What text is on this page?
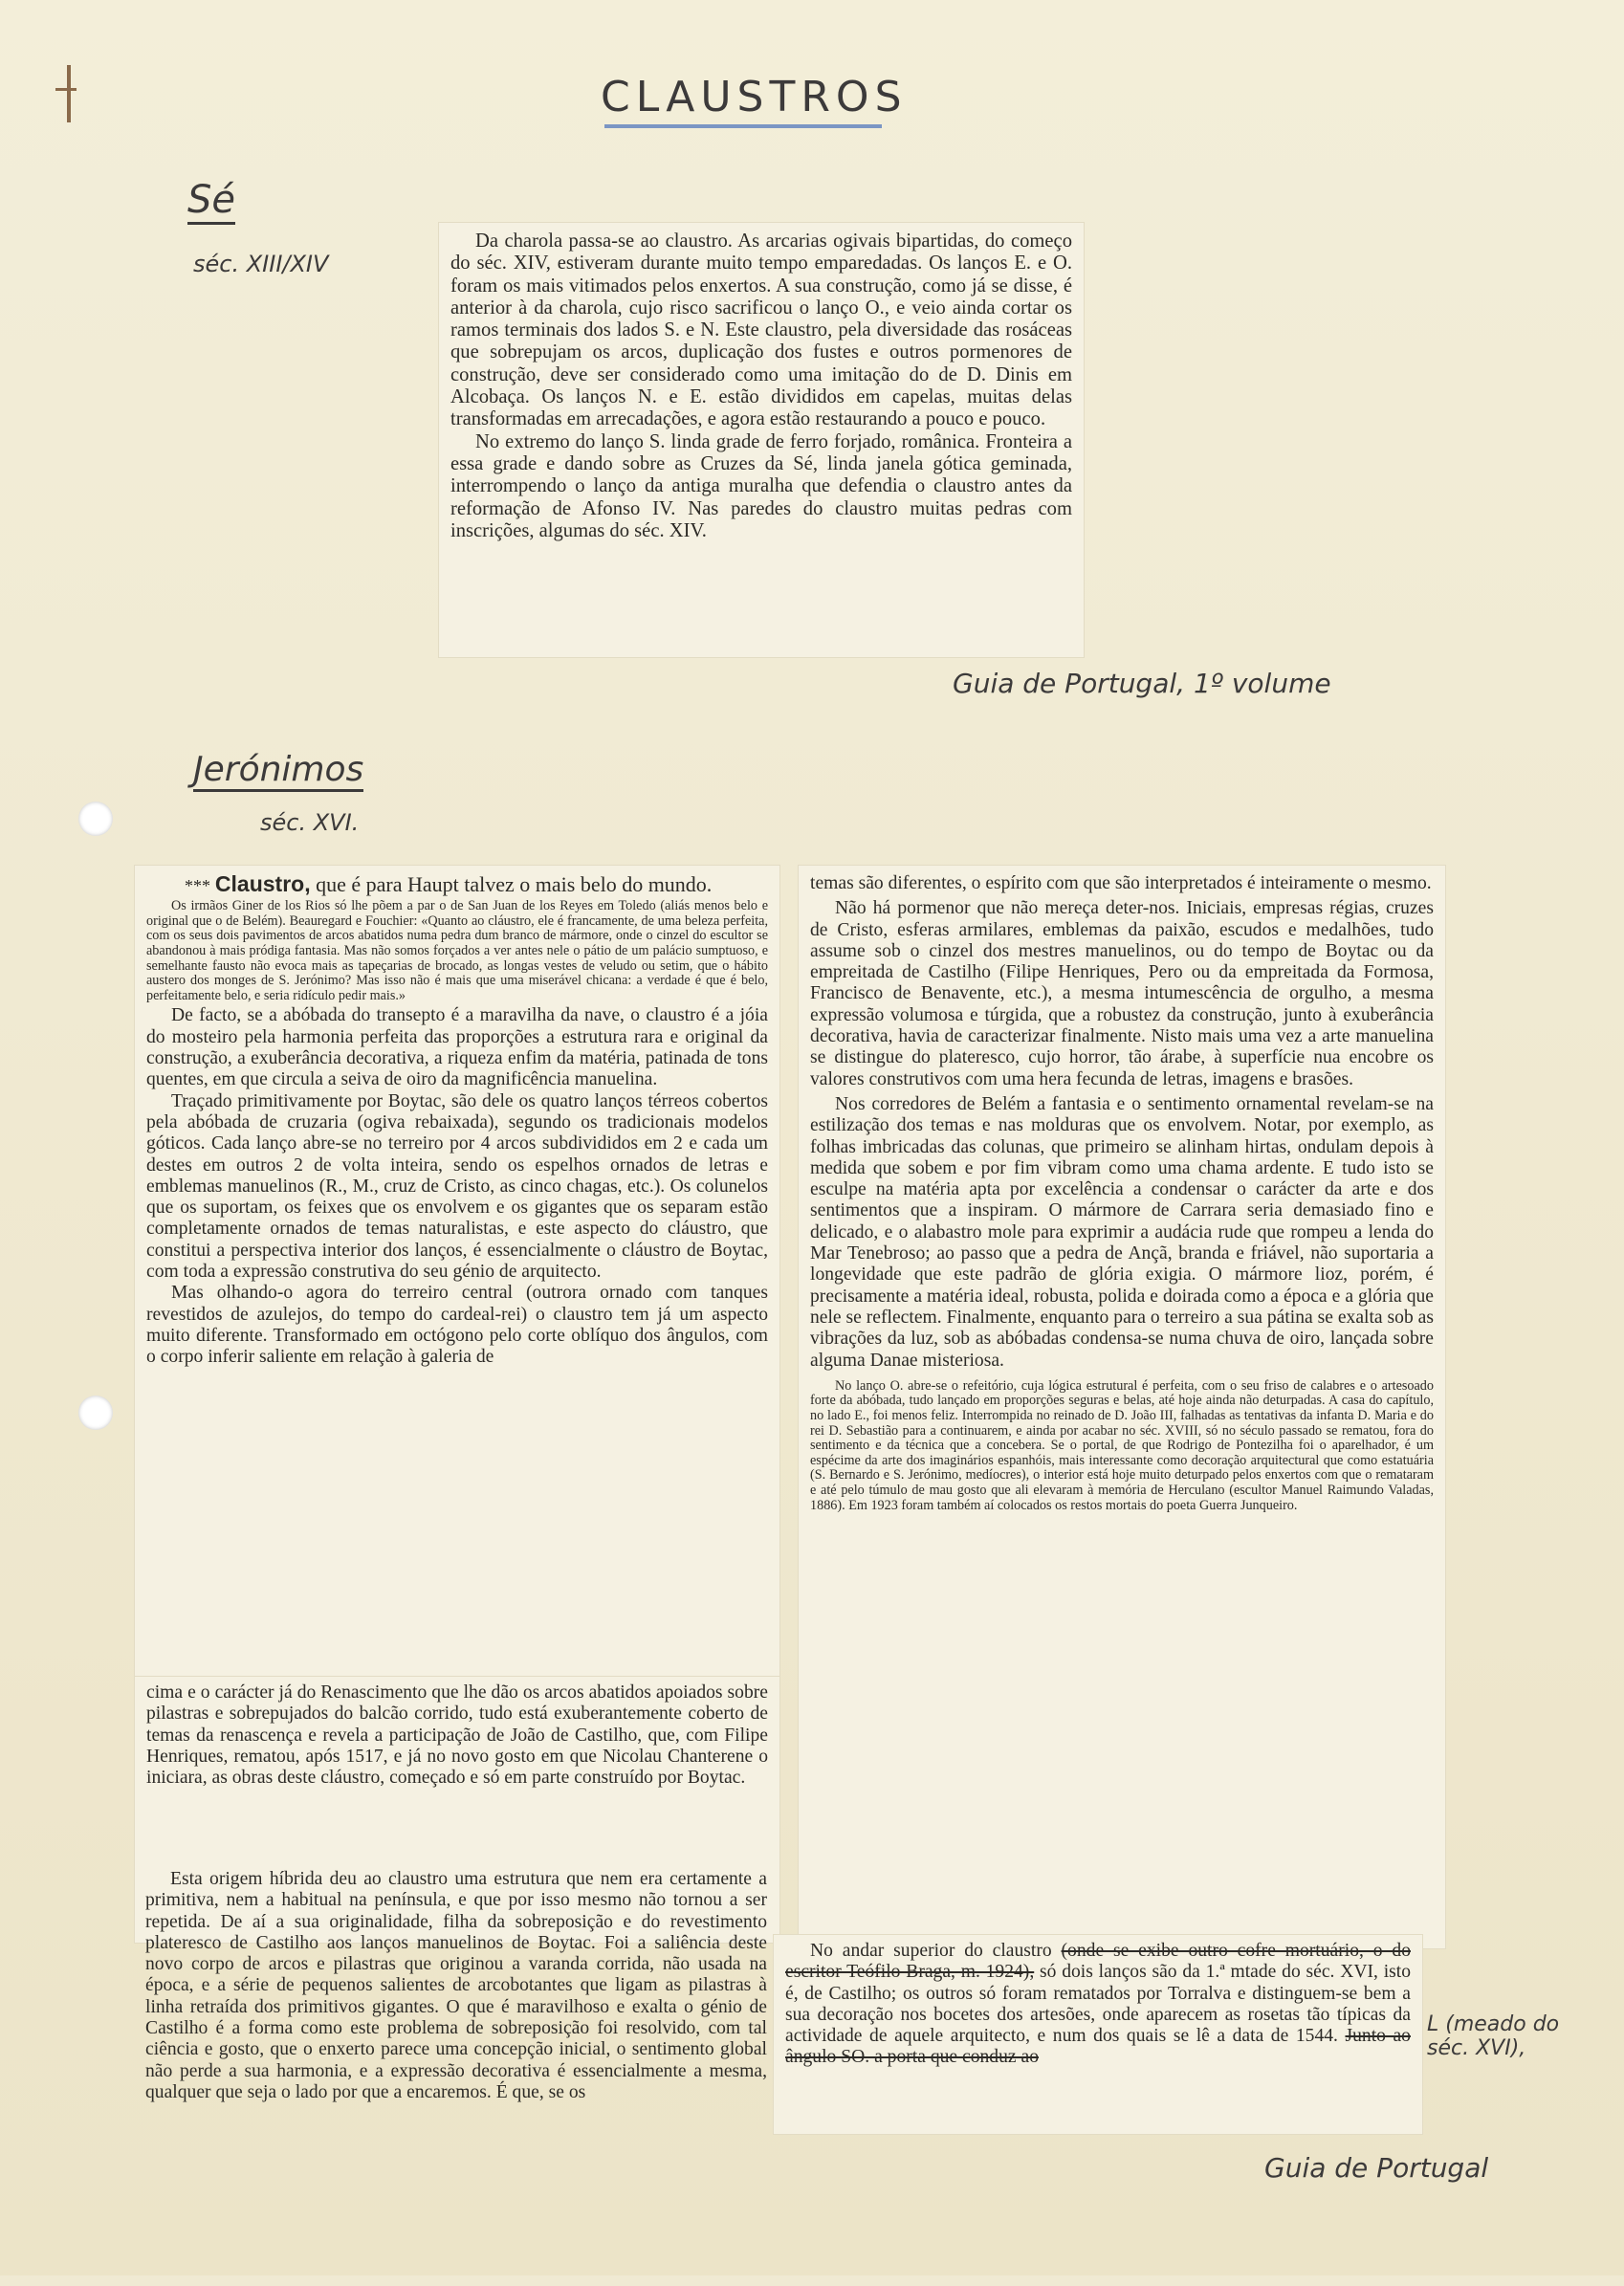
CLAUSTROS
Sé
séc. XIII/XIV

Da charola passa-se ao claustro. As arcarias ogivais bipartidas, do começo do séc. XIV, estiveram durante muito tempo emparedadas. Os lanços E. e O. foram os mais vitimados pelos enxertos. A sua construção, como já se disse, é anterior à da charola, cujo risco sacrificou o lanço O., e veio ainda cortar os ramos terminais dos lados S. e N. Este claustro, pela diversidade das rosáceas que sobrepujam os arcos, duplicação dos fustes e outros pormenores de construção, deve ser considerado como uma imitação do de D. Dinis em Alcobaça. Os lanços N. e E. estão divididos em capelas, muitas delas transformadas em arrecadações, e agora estão restaurando a pouco e pouco.

No extremo do lanço S. linda grade de ferro forjado, românica. Fronteira a essa grade e dando sobre as Cruzes da Sé, linda janela gótica geminada, interrompendo o lanço da antiga muralha que defendia o claustro antes da reformação de Afonso IV. Nas paredes do claustro muitas pedras com inscrições, algumas do séc. XIV.

Guia de Portugal, 1º volume
Jerónimos
séc. XVI.

*** Claustro, que é para Haupt talvez o mais belo do mundo.

Os irmãos Giner de los Rios só lhe põem a par o de San Juan de los Reyes em Toledo (aliás menos belo e original que o de Belém). Beauregard e Fouchier: «Quanto ao cláustro, ele é francamente, de uma beleza perfeita, com os seus dois pavimentos de arcos abatidos numa pedra dum branco de mármore, onde o cinzel do escultor se abandonou à mais pródiga fantasia. Mas não somos forçados a ver antes nele o pátio de um palácio sumptuoso, e semelhante fausto não evoca mais as tapeçarias de brocado, as longas vestes de veludo ou setim, que o hábito austero dos monges de S. Jerónimo? Mas isso não é mais que uma miserável chicana: a verdade é que é belo, perfeitamente belo, e seria ridículo pedir mais.»

De facto, se a abóbada do transepto é a maravilha da nave, o claustro é a jóia do mosteiro pela harmonia perfeita das proporções a estrutura rara e original da construção, a exuberância decorativa, a riqueza enfim da matéria, patinada de tons quentes, em que circula a seiva de oiro da magnificência manuelina.

Traçado primitivamente por Boytac, são dele os quatro lanços térreos cobertos pela abóbada de cruzaria (ogiva rebaixada), segundo os tradicionais modelos góticos. Cada lanço abre-se no terreiro por 4 arcos subdivididos em 2 e cada um destes em outros 2 de volta inteira, sendo os espelhos ornados de letras e emblemas manuelinos (R., M., cruz de Cristo, as cinco chagas, etc.). Os colunelos que os suportam, os feixes que os envolvem e os gigantes que os separam estão completamente ornados de temas naturalistas, e este aspecto do cláustro, que constitui a perspectiva interior dos lanços, é essencialmente o cláustro de Boytac, com toda a expressão construtiva do seu génio de arquitecto.

Mas olhando-o agora do terreiro central (outrora ornado com tanques revestidos de azulejos, do tempo do cardeal-rei) o claustro tem já um aspecto muito diferente. Transformado em octógono pelo corte oblíquo dos ângulos, com o corpo inferir saliente em relação à galeria de

cima e o carácter já do Renascimento que lhe dão os arcos abatidos apoiados sobre pilastras e sobrepujados do balcão corrido, tudo está exuberantemente coberto de temas da renascença e revela a participação de João de Castilho, que, com Filipe Henriques, rematou, após 1517, e já no novo gosto em que Nicolau Chanterene o iniciara, as obras deste cláustro, começado e só em parte construído por Boytac.

Esta origem híbrida deu ao claustro uma estrutura que nem era certamente a primitiva, nem a habitual na península, e que por isso mesmo não tornou a ser repetida. De aí a sua originalidade, filha da sobreposição e do revestimento plateresco de Castilho aos lanços manuelinos de Boytac. Foi a saliência deste novo corpo de arcos e pilastras que originou a varanda corrida, não usada na época, e a série de pequenos salientes de arcobotantes que ligam as pilastras à linha retraída dos primitivos gigantes. O que é maravilhoso e exalta o génio de Castilho é a forma como este problema de sobreposição foi resolvido, com tal ciência e gosto, que o enxerto parece uma concepção inicial, o sentimento global não perde a sua harmonia, e a expressão decorativa é essencialmente a mesma, qualquer que seja o lado por que a encaremos. É que, se os

temas são diferentes, o espírito com que são interpretados é inteiramente o mesmo.

Não há pormenor que não mereça deter-nos. Iniciais, empresas régias, cruzes de Cristo, esferas armilares, emblemas da paixão, escudos e medalhões, tudo assume sob o cinzel dos mestres manuelinos, ou do tempo de Boytac ou da empreitada de Castilho (Filipe Henriques, Pero ou da empreitada da Formosa, Francisco de Benavente, etc.), a mesma intumescência de orgulho, a mesma expressão volumosa e túrgida, que a robustez da construção, junto à exuberância decorativa, havia de caracterizar finalmente. Nisto mais uma vez a arte manuelina se distingue do plateresco, cujo horror, tão árabe, à superfície nua encobre os valores construtivos com uma hera fecunda de letras, imagens e brasões.

Nos corredores de Belém a fantasia e o sentimento ornamental revelam-se na estilização dos temas e nas molduras que os envolvem. Notar, por exemplo, as folhas imbricadas das colunas, que primeiro se alinham hirtas, ondulam depois à medida que sobem e por fim vibram como uma chama ardente. E tudo isto se esculpe na matéria apta por excelência a condensar o carácter da arte e dos sentimentos que a inspiram. O mármore de Carrara seria demasiado fino e delicado, e o alabastro mole para exprimir a audácia rude que rompeu a lenda do Mar Tenebroso; ao passo que a pedra de Ançã, branda e friável, não suportaria a longevidade que este padrão de glória exigia. O mármore lioz, porém, é precisamente a matéria ideal, robusta, polida e doirada como a época e a glória que nele se reflectem. Finalmente, enquanto para o terreiro a sua pátina se exalta sob as vibrações da luz, sob as abóbadas condensa-se numa chuva de oiro, lançada sobre alguma Danae misteriosa.

No lanço O. abre-se o refeitório, cuja lógica estrutural é perfeita, com o seu friso de calabres e o artesoado forte da abóbada, tudo lançado em proporções seguras e belas, até hoje ainda não deturpadas. A casa do capítulo, no lado E., foi menos feliz. Interrompida no reinado de D. João III, falhadas as tentativas da infanta D. Maria e do rei D. Sebastião para a continuarem, e ainda por acabar no séc. XVIII, só no século passado se rematou, fora do sentimento e da técnica que a concebera. Se o portal, de que Rodrigo de Pontezilha foi o aparelhador, é um espécime da arte dos imaginários espanhóis, mais interessante como decoração arquitectural que como estatuária (S. Bernardo e S. Jerónimo, medíocres), o interior está hoje muito deturpado pelos enxertos com que o remataram e até pelo túmulo de mau gosto que ali elevaram à memória de Herculano (escultor Manuel Raimundo Valadas, 1886). Em 1923 foram também aí colocados os restos mortais do poeta Guerra Junqueiro.

No andar superior do claustro (onde se exibe outro cofre mortuário, o do escritor Teófilo Braga, m. 1924), só dois lanços são da 1.ª mtade do séc. XVI, isto é, de Castilho; os outros só foram rematados por Torralva e distinguem-se bem a sua decoração nos bocetes dos artesões, onde aparecem as rosetas tão típicas da actividade de aquele arquitecto, e num dos quais se lê a data de 1544. Junto ao ângulo SO. a porta que conduz ao

L (meado do séc. XVI),
Guia de Portugal
